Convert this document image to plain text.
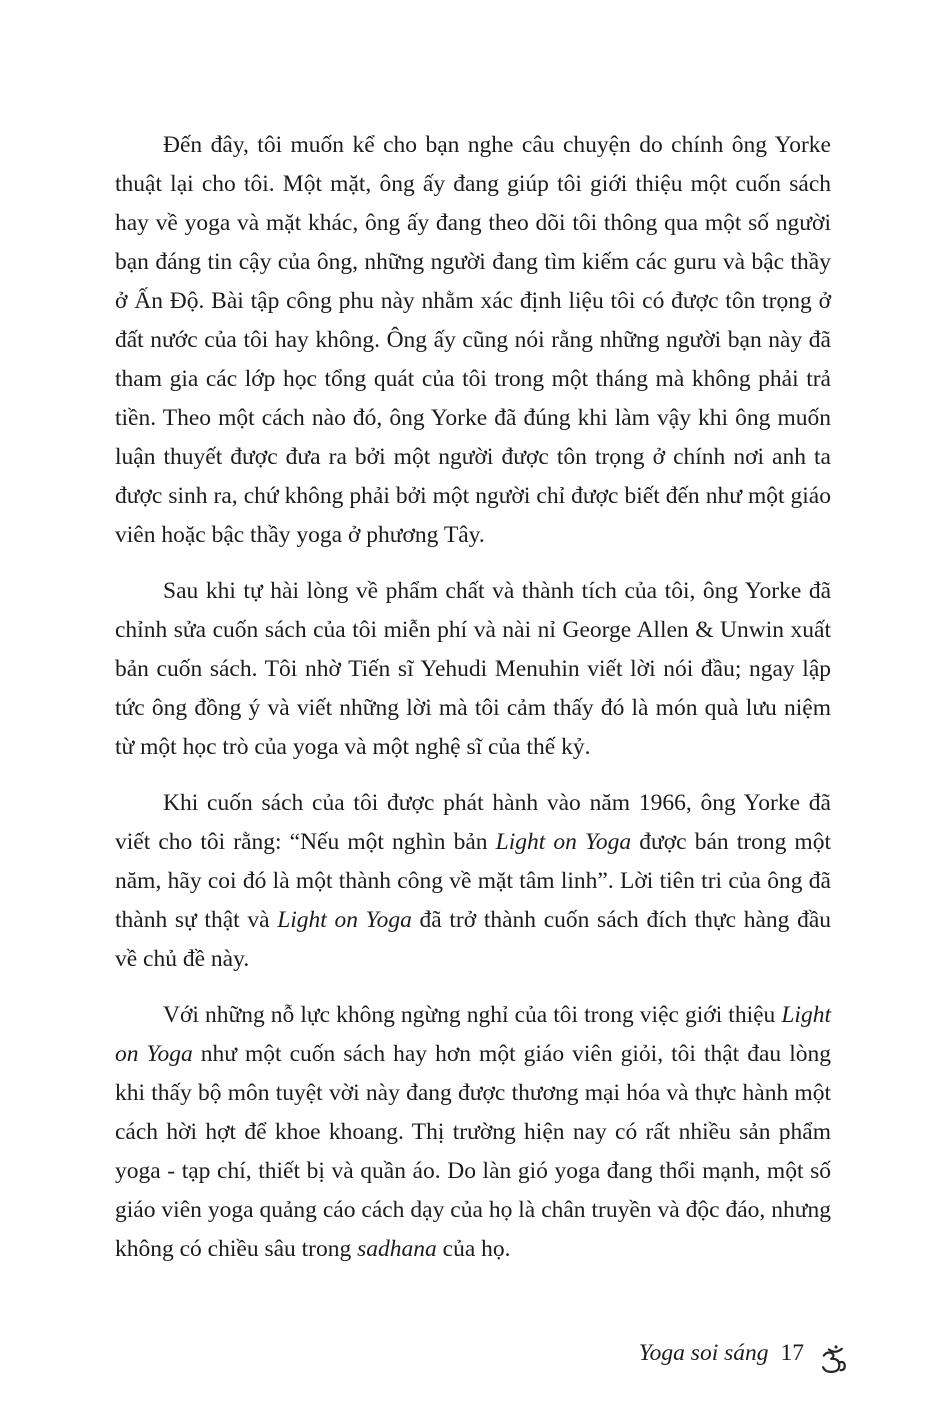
Đến đây, tôi muốn kể cho bạn nghe câu chuyện do chính ông Yorke thuật lại cho tôi. Một mặt, ông ấy đang giúp tôi giới thiệu một cuốn sách hay về yoga và mặt khác, ông ấy đang theo dõi tôi thông qua một số người bạn đáng tin cậy của ông, những người đang tìm kiếm các guru và bậc thầy ở Ấn Độ. Bài tập công phu này nhằm xác định liệu tôi có được tôn trọng ở đất nước của tôi hay không. Ông ấy cũng nói rằng những người bạn này đã tham gia các lớp học tổng quát của tôi trong một tháng mà không phải trả tiền. Theo một cách nào đó, ông Yorke đã đúng khi làm vậy khi ông muốn luận thuyết được đưa ra bởi một người được tôn trọng ở chính nơi anh ta được sinh ra, chứ không phải bởi một người chỉ được biết đến như một giáo viên hoặc bậc thầy yoga ở phương Tây.

Sau khi tự hài lòng về phẩm chất và thành tích của tôi, ông Yorke đã chỉnh sửa cuốn sách của tôi miễn phí và nài nỉ George Allen & Unwin xuất bản cuốn sách. Tôi nhờ Tiến sĩ Yehudi Menuhin viết lời nói đầu; ngay lập tức ông đồng ý và viết những lời mà tôi cảm thấy đó là món quà lưu niệm từ một học trò của yoga và một nghệ sĩ của thế kỷ.

Khi cuốn sách của tôi được phát hành vào năm 1966, ông Yorke đã viết cho tôi rằng: “Nếu một nghìn bản Light on Yoga được bán trong một năm, hãy coi đó là một thành công về mặt tâm linh”. Lời tiên tri của ông đã thành sự thật và Light on Yoga đã trở thành cuốn sách đích thực hàng đầu về chủ đề này.

Với những nỗ lực không ngừng nghỉ của tôi trong việc giới thiệu Light on Yoga như một cuốn sách hay hơn một giáo viên giỏi, tôi thật đau lòng khi thấy bộ môn tuyệt vời này đang được thương mại hóa và thực hành một cách hời hợt để khoe khoang. Thị trường hiện nay có rất nhiều sản phẩm yoga - tạp chí, thiết bị và quần áo. Do làn gió yoga đang thổi mạnh, một số giáo viên yoga quảng cáo cách dạy của họ là chân truyền và độc đáo, nhưng không có chiều sâu trong sadhana của họ.

Yoga soi sáng 17
